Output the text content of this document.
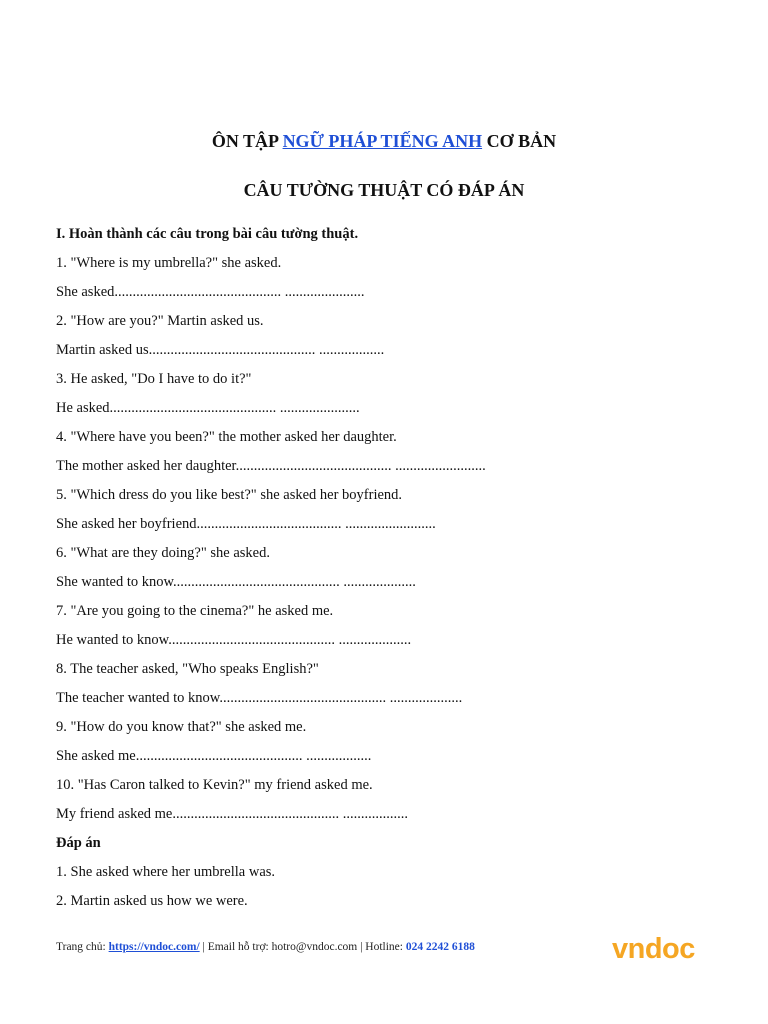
ÔN TẬP NGỮ PHÁP TIẾNG ANH CƠ BẢN
CÂU TƯỜNG THUẬT CÓ ĐÁP ÁN
I. Hoàn thành các câu trong bài câu tường thuật.
1. "Where is my umbrella?" she asked.
She asked.............................................. ......................
2. "How are you?" Martin asked us.
Martin asked us.............................................. ..................
3. He asked, "Do I have to do it?"
He asked.............................................. ......................
4. "Where have you been?" the mother asked her daughter.
The mother asked her daughter........................................... .........................
5. "Which dress do you like best?" she asked her boyfriend.
She asked her boyfriend........................................ .........................
6. "What are they doing?" she asked.
She wanted to know.............................................. ....................
7. "Are you going to the cinema?" he asked me.
He wanted to know.............................................. ....................
8. The teacher asked, "Who speaks English?"
The teacher wanted to know.............................................. ....................
9. "How do you know that?" she asked me.
She asked me.............................................. ..................
10. "Has Caron talked to Kevin?" my friend asked me.
My friend asked me.............................................. ..................
Đáp án
1. She asked where her umbrella was.
2. Martin asked us how we were.
Trang chủ: https://vndoc.com/ | Email hỗ trợ: hotro@vndoc.com | Hotline: 024 2242 6188	vndoc
